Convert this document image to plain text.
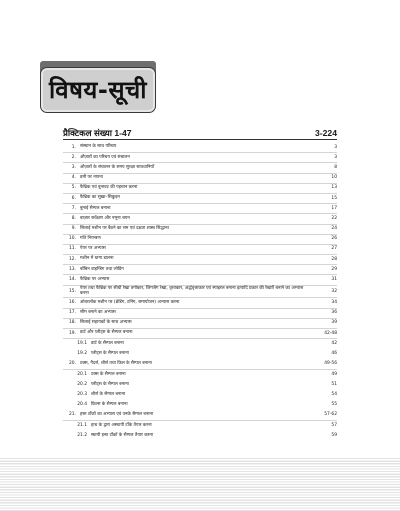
विषय-सूची
प्रैक्टिकल संख्या 1-47	3-224
1. संस्थान के साथ परिचय	3
2. औज़ारों का परिचय एवं संचालन	3
3. औज़ारों के संचालन के समय सुरक्षा सावधानियाँ	8
4. डमी पर नापना	10
5. फैब्रिक एवं बुनावट की पहचान करना	13
6. फैब्रिक का सूखा–सिकुड़न	15
7. बुनाई सैम्पल बनाना	17
8. बाज़ार सर्वेक्षण और नमूना चयन	22
9. सिलाई मशीन पर बैठने का सम एवं दक्षता शास्त्र सिद्धान्त	24
10. गति नियन्त्रण	26
11. पेपर पर अभ्यास	27
12. मशीन में धागा डालना	28
13. बॉबिन वाइन्डिंग तथा लोडिंग	29
14. फैब्रिक पर अभ्यास	31
15.
पेपर तथा फैब्रिक पर सीधी रेखा वर्गाकार, जिगजैग रेखा, वृत्ताकार, अर्द्धवृत्ताकार एवं स्पाइरल बनाना इत्यादि प्रकार की रेखाएँ बनाने का अभ्यास करना	32
16. ओवरलॉक मशीन पर (थ्रेडिंग, टनिंग, समायोजन) अभ्यास करना	34
17. सीम बनाने का अभ्यास	36
18. सिलाई सहायकों के साथ अभ्यास	39
19. डार्ट और प्लीट्स के सैम्पल बनाना	42-48
19.1 डार्ट के सैम्पल बनाना	42
19.2 प्लीट्स के सैम्पल बनाना	46
20. टक्स, गैदर्स, शीर्स तथा फ्रिल के सैम्पल बनाना	49-56
20.1 टक्स के सैम्पल बनाना	49
20.2 प्लीट्स के सैम्पल बनाना	51
20.3 शीर्स के सैम्पल बनाना	54
20.4 फ्रिल्स के सैम्पल बनाना	55
21. हस्त टाँकों का अभ्यास एवं उनके सैम्पल बनाना	57-62
21.1 हाथ के द्वारा अस्थायी टाँके तैयार करना	57
21.2 स्थायी हस्त टाँकों के सैम्पल तैयार करना	59
